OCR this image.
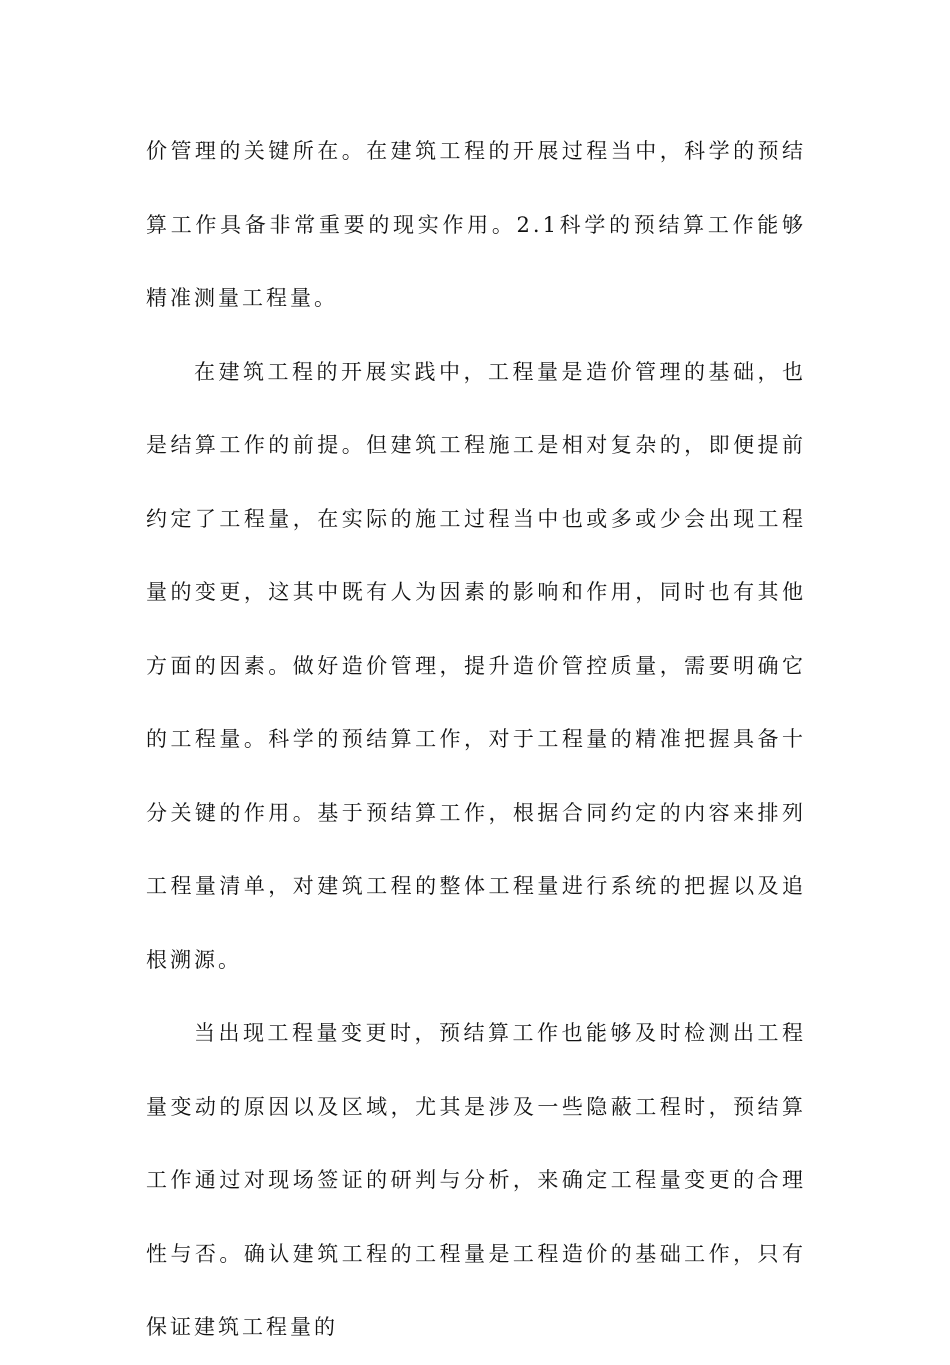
价管理的关键所在。在建筑工程的开展过程当中，科学的预结算工作具备非常重要的现实作用。2.1科学的预结算工作能够精准测量工程量。

在建筑工程的开展实践中，工程量是造价管理的基础，也是结算工作的前提。但建筑工程施工是相对复杂的，即便提前约定了工程量，在实际的施工过程当中也或多或少会出现工程量的变更，这其中既有人为因素的影响和作用，同时也有其他方面的因素。做好造价管理，提升造价管控质量，需要明确它的工程量。科学的预结算工作，对于工程量的精准把握具备十分关键的作用。基于预结算工作，根据合同约定的内容来排列工程量清单，对建筑工程的整体工程量进行系统的把握以及追根溯源。

当出现工程量变更时，预结算工作也能够及时检测出工程量变动的原因以及区域，尤其是涉及一些隐蔽工程时，预结算工作通过对现场签证的研判与分析，来确定工程量变更的合理性与否。确认建筑工程的工程量是工程造价的基础工作，只有保证建筑工程量的
